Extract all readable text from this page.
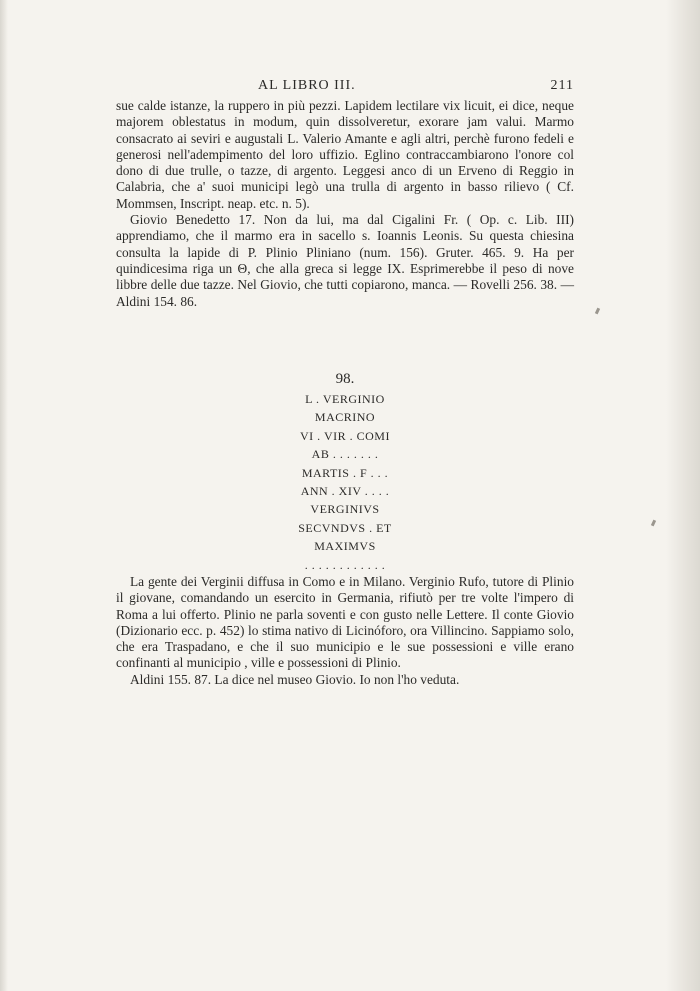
AL LIBRO III.	211

sue calde istanze, la ruppero in più pezzi. Lapidem lectilare vix licuit, ei dice, neque majorem oblestatus in modum, quin dissolveretur, exorare jam valui. Marmo consacrato ai seviri e augustali L. Valerio Amante e agli altri, perchè furono fedeli e generosi nell'adempimento del loro uffizio. Eglino contraccambiarono l'onore col dono di due trulle, o tazze, di argento. Leggesi anco di un Erveno di Reggio in Calabria, che a' suoi municipi legò una trulla di argento in basso rilievo ( Cf. Mommsen, Inscript. neap. etc. n. 5).

Giovio Benedetto 17. Non da lui, ma dal Cigalini Fr. ( Op. c. Lib. III) apprendiamo, che il marmo era in sacello s. Ioannis Leonis. Su questa chiesina consulta la lapide di P. Plinio Pliniano (num. 156). Gruter. 465. 9. Ha per quindicesima riga un Θ, che alla greca si legge IX. Esprimerebbe il peso di nove libbre delle due tazze. Nel Giovio, che tutti copiarono, manca. — Rovelli 256. 38. — Aldini 154. 86.

98.
L . VERGINIO
MACRINO
VI . VIR . COMI
AB . . . . . . .
MARTIS . F . . .
ANN . XIV . . . .
VERGINIVS
SECVNDVS . ET
MAXIMVS
. . . . . . . . . . . .

La gente dei Verginii diffusa in Como e in Milano. Verginio Rufo, tutore di Plinio il giovane, comandando un esercito in Germania, rifiutò per tre volte l'impero di Roma a lui offerto. Plinio ne parla soventi e con gusto nelle Lettere. Il conte Giovio (Dizionario ecc. p. 452) lo stima nativo di Licinóforo, ora Villincino. Sappiamo solo, che era Traspadano, e che il suo municipio e le sue possessioni e ville erano confinanti al municipio , ville e possessioni di Plinio.

Aldini 155. 87. La dice nel museo Giovio. Io non l'ho veduta.
